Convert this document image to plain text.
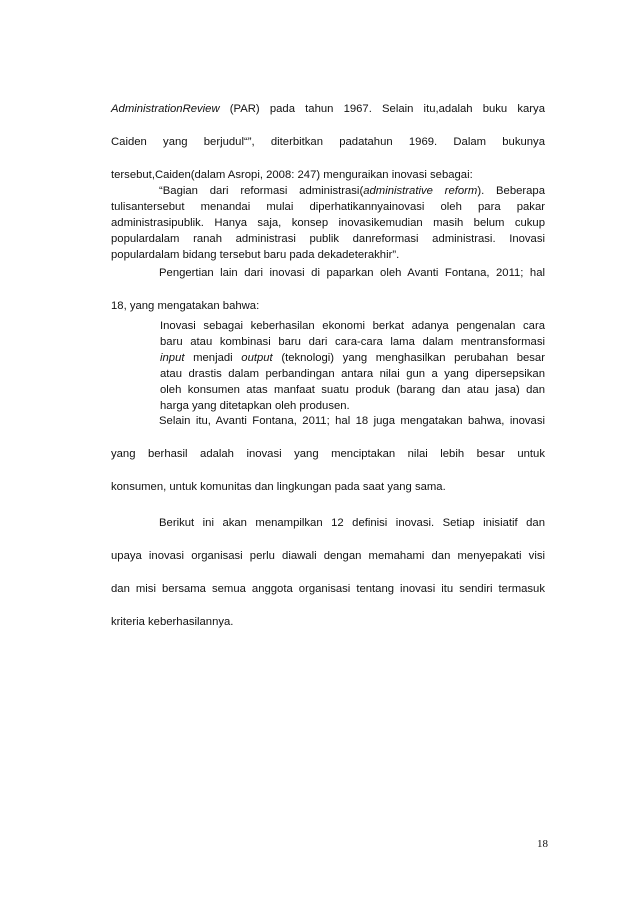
AdministrationReview (PAR) pada tahun 1967. Selain itu,adalah buku karya
Caiden yang berjudul“”, diterbitkan padatahun 1969. Dalam bukunya
tersebut,Caiden(dalam Asropi, 2008: 247) menguraikan inovasi sebagai:
“Bagian dari reformasi administrasi(administrative reform). Beberapa
tulisantersebut menandai mulai diperhatikannyainovasi oleh para pakar
administrasipublik. Hanya saja, konsep inovasikemudian masih belum cukup
populardalam ranah administrasi publik danreformasi administrasi. Inovasi
populardalam bidang tersebut baru pada dekadeterakhir”.
Pengertian lain dari inovasi di paparkan oleh Avanti Fontana, 2011; hal
18, yang mengatakan bahwa:
Inovasi sebagai keberhasilan ekonomi berkat adanya pengenalan cara
baru atau kombinasi baru dari cara-cara lama dalam mentransformasi
input menjadi output (teknologi) yang menghasilkan perubahan besar
atau drastis dalam perbandingan antara nilai gun a yang dipersepsikan
oleh konsumen atas manfaat suatu produk (barang dan atau jasa) dan
harga yang ditetapkan oleh produsen.
Selain itu, Avanti Fontana, 2011; hal 18 juga mengatakan bahwa, inovasi
yang berhasil adalah inovasi yang menciptakan nilai lebih besar untuk
konsumen, untuk komunitas dan lingkungan pada saat yang sama.
Berikut ini akan menampilkan 12 definisi inovasi. Setiap inisiatif dan
upaya inovasi organisasi perlu diawali dengan memahami dan menyepakati visi
dan misi bersama semua anggota organisasi tentang inovasi itu sendiri termasuk
kriteria keberhasilannya.
18
